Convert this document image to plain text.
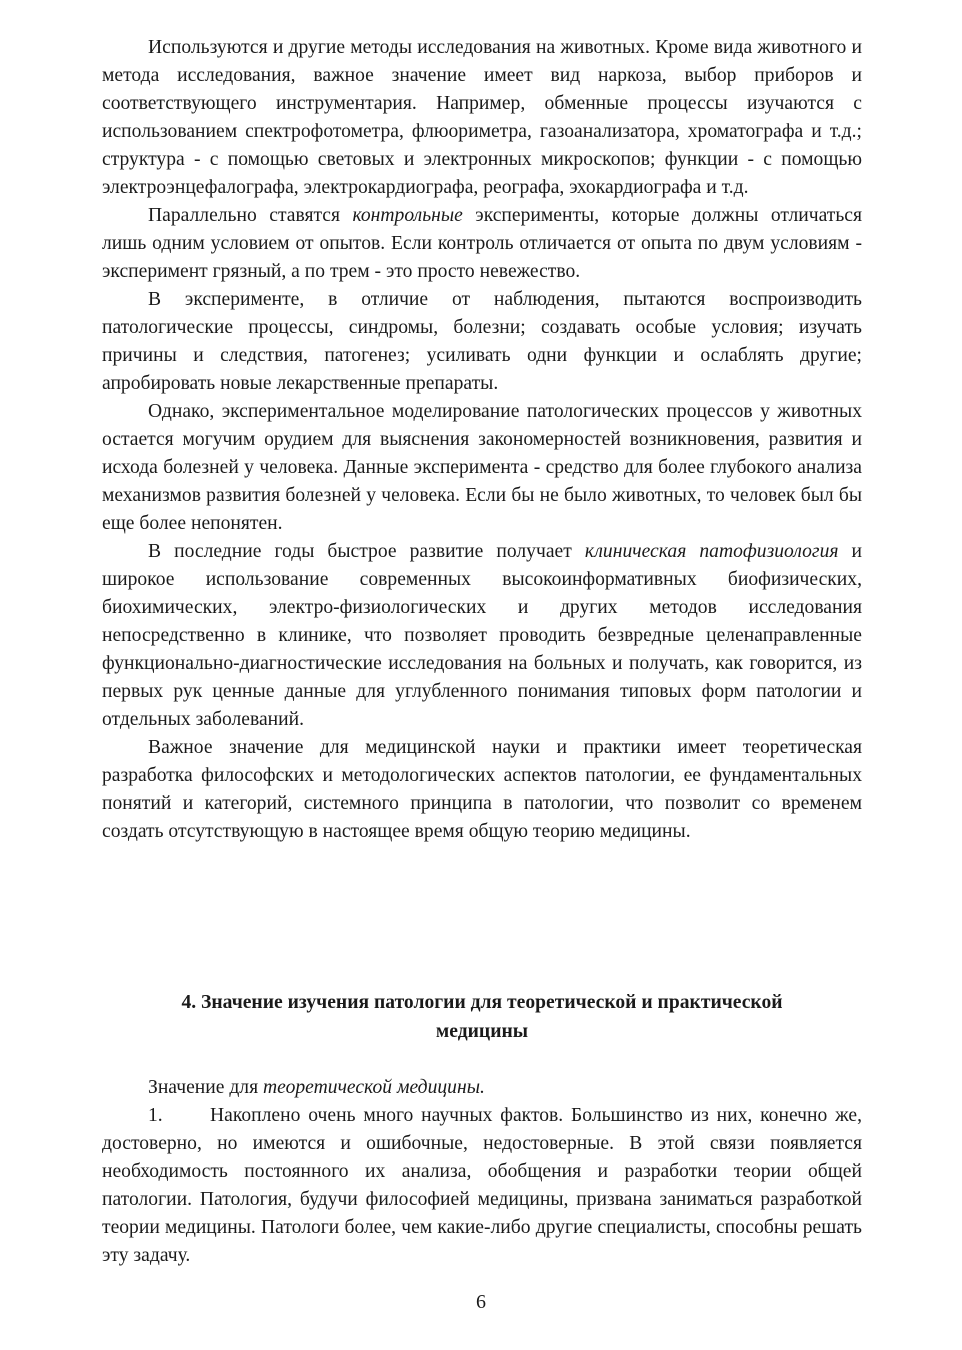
Используются и другие методы исследования на животных. Кроме вида животного и метода исследования, важное значение имеет вид наркоза, выбор приборов и соответствующего инструментария. Например, обменные процессы изучаются с использованием спектрофотометра, флюориметра, газоанализатора, хроматографа и т.д.; структура - с помощью световых и электронных микроскопов; функции - с помощью электроэнцефалографа, электрокардиографа, реографа, эхокардиографа и т.д.

Параллельно ставятся контрольные эксперименты, которые должны отличаться лишь одним условием от опытов. Если контроль отличается от опыта по двум условиям - эксперимент грязный, а по трем - это просто невежество.

В эксперименте, в отличие от наблюдения, пытаются воспроизводить патологические процессы, синдромы, болезни; создавать особые условия; изучать причины и следствия, патогенез; усиливать одни функции и ослаблять другие; апробировать новые лекарственные препараты.

Однако, экспериментальное моделирование патологических процессов у животных остается могучим орудием для выяснения закономерностей возникновения, развития и исхода болезней у человека. Данные эксперимента - средство для более глубокого анализа механизмов развития болезней у человека. Если бы не было животных, то человек был бы еще более непонятен.

В последние годы быстрое развитие получает клиническая патофизиология и широкое использование современных высокоинформативных биофизических, биохимических, электро-физиологических и других методов исследования непосредственно в клинике, что позволяет проводить безвредные целенаправленные функционально-диагностические исследования на больных и получать, как говорится, из первых рук ценные данные для углубленного понимания типовых форм патологии и отдельных заболеваний.

Важное значение для медицинской науки и практики имеет теоретическая разработка философских и методологических аспектов патологии, ее фундаментальных понятий и категорий, системного принципа в патологии, что позволит со временем создать отсутствующую в настоящее время общую теорию медицины.

4. Значение изучения патологии для теоретической и практической
медицины

Значение для теоретической медицины.

1. Накоплено очень много научных фактов. Большинство из них, конечно же, достоверно, но имеются и ошибочные, недостоверные. В этой связи появляется необходимость постоянного их анализа, обобщения и разработки теории общей патологии. Патология, будучи философией медицины, призвана заниматься разработкой теории медицины. Патологи более, чем какие-либо другие специалисты, способны решать эту задачу.

6
